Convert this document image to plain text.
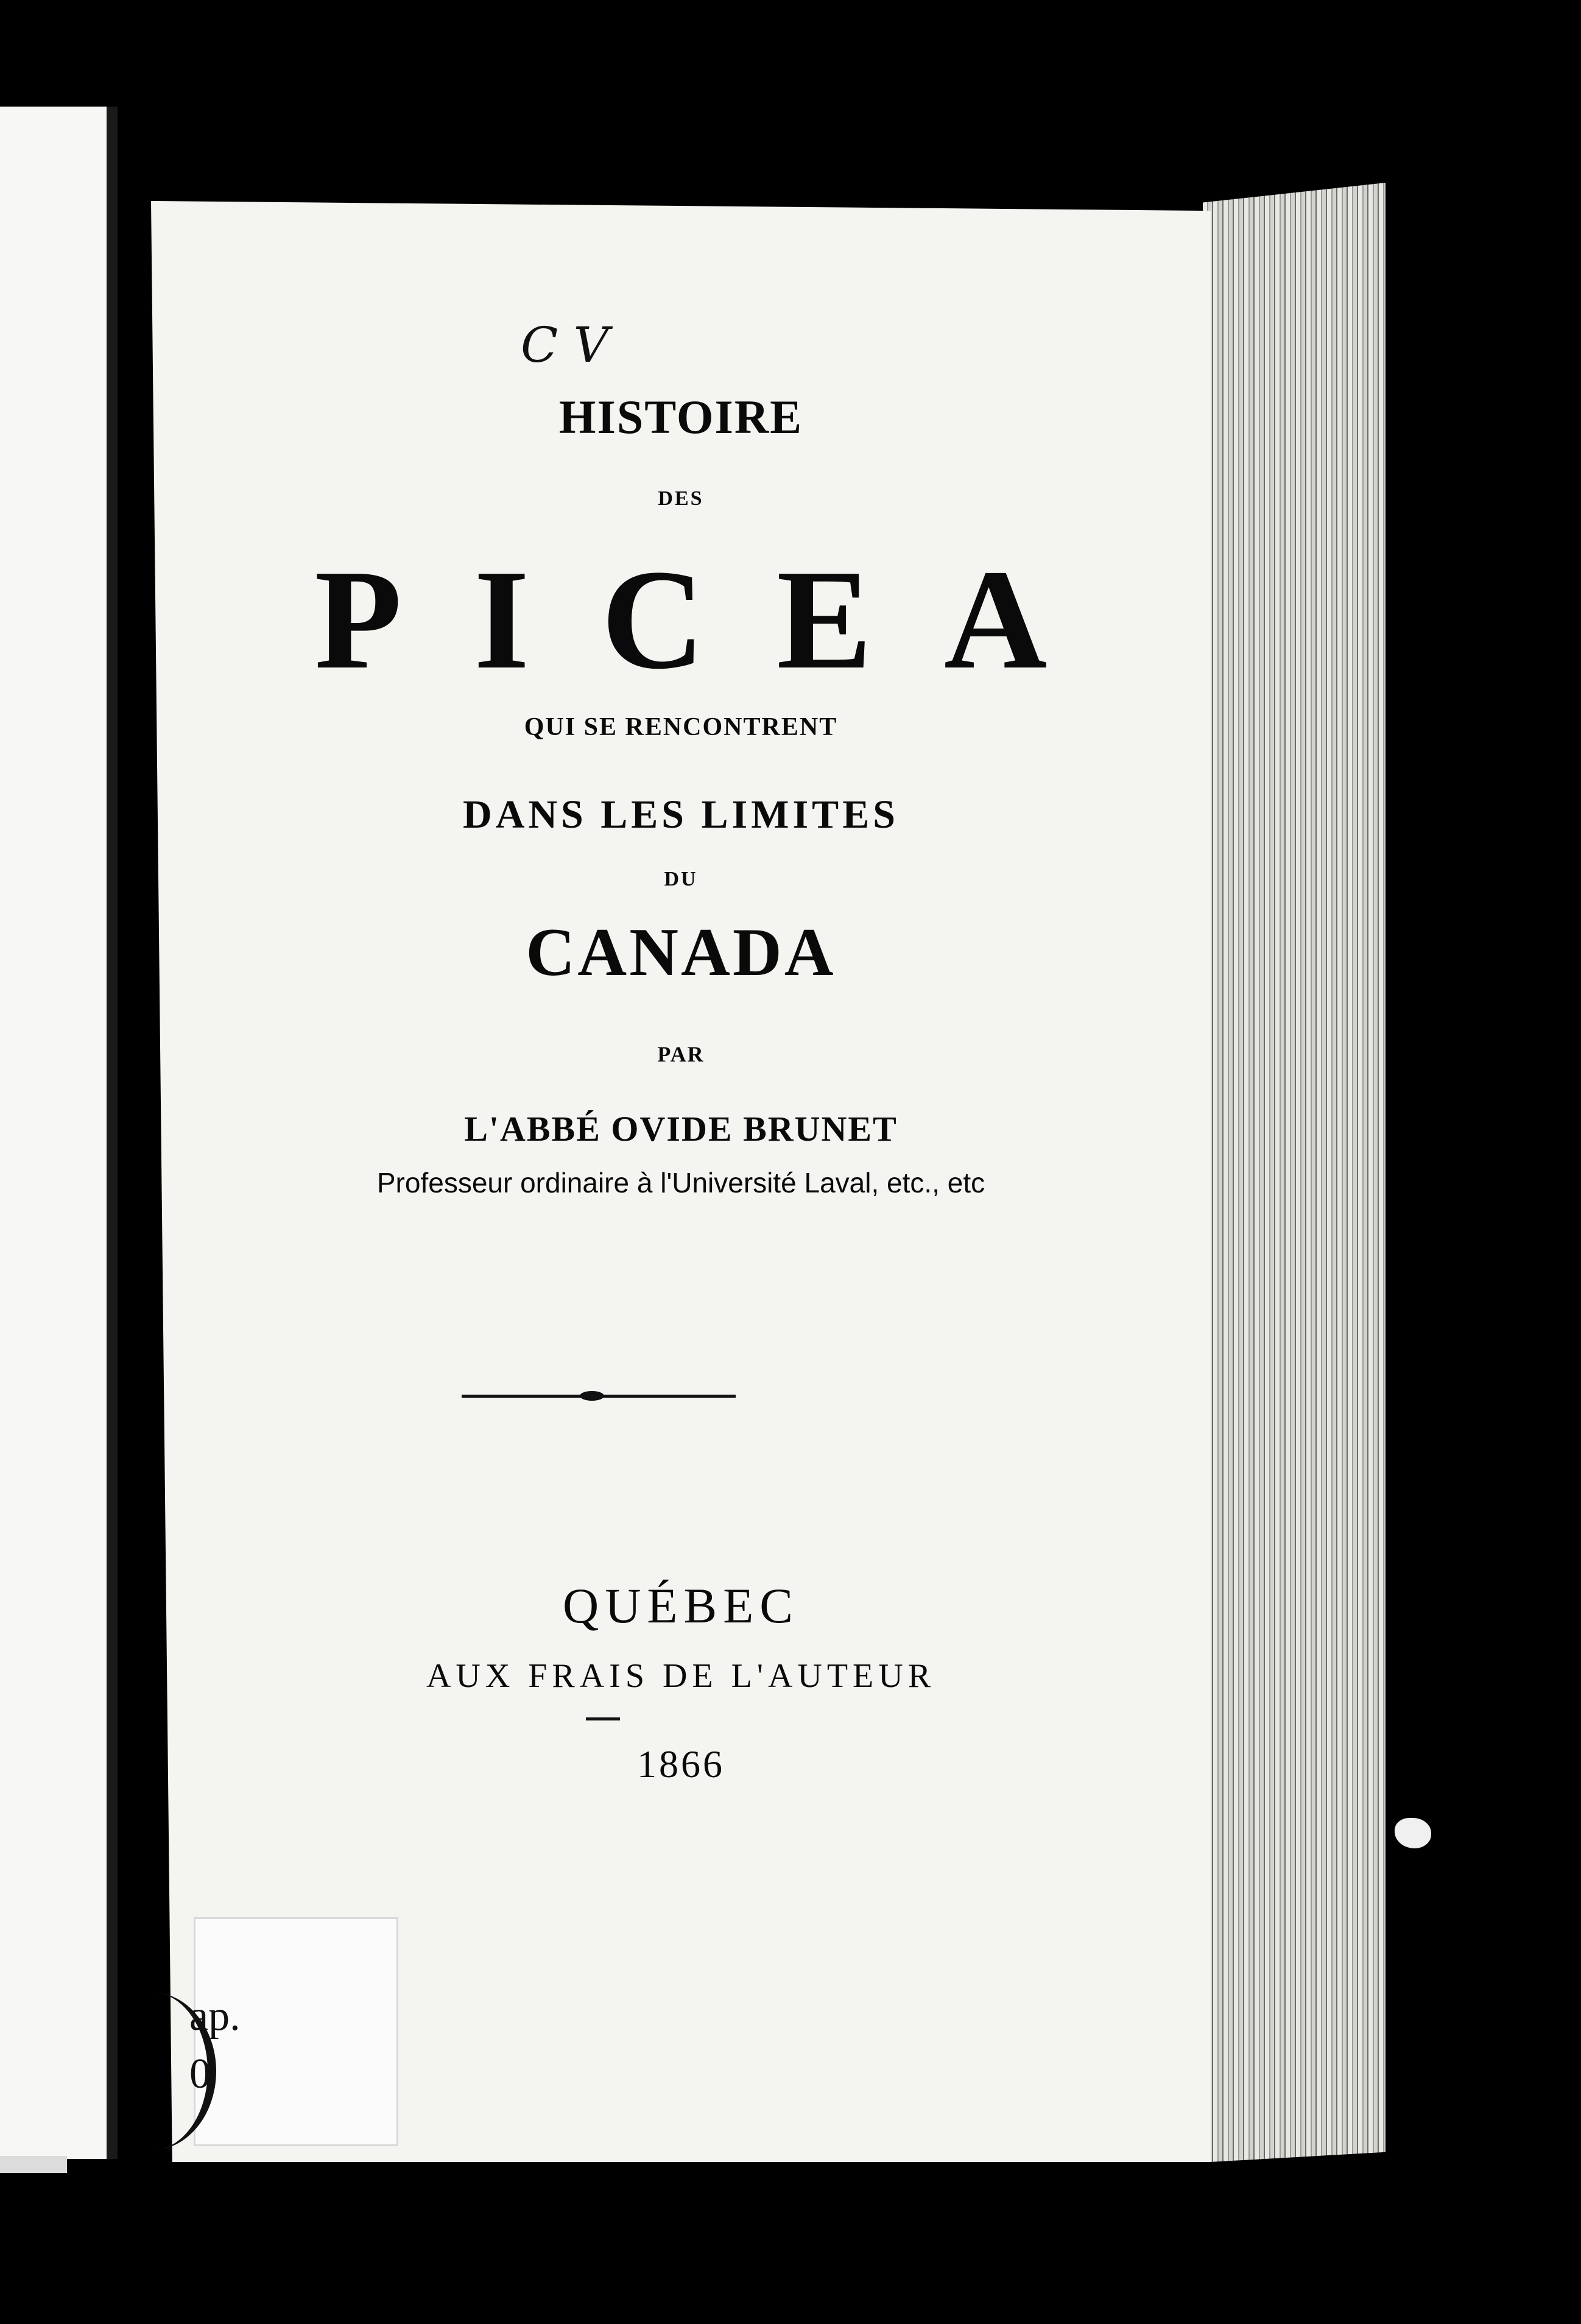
C V
HISTOIRE
DES
PICEA
QUI SE RENCONTRENT
DANS LES LIMITES
DU
CANADA
PAR
L'ABBÉ OVIDE BRUNET
Professeur ordinaire à l'Université Laval, etc., etc
QUÉBEC
AUX FRAIS DE L'AUTEUR
1866
ap.
0
